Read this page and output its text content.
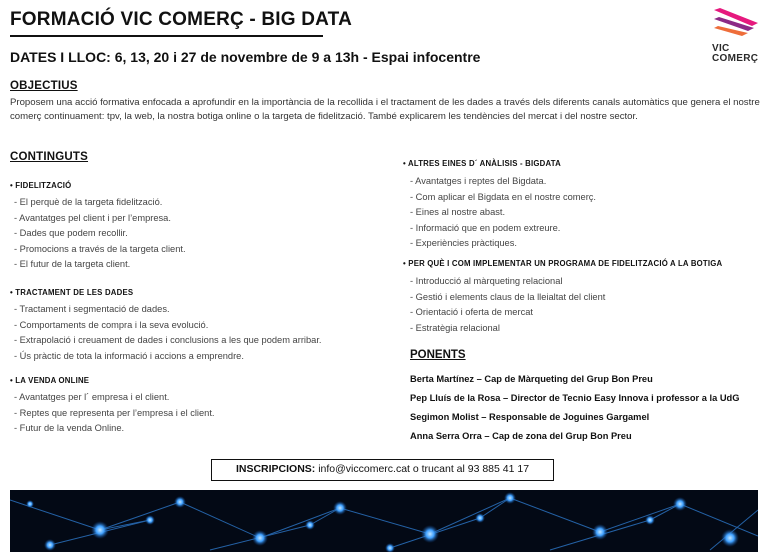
FORMACIÓ VIC COMERÇ - BIG DATA
VIC
COMERÇ
DATES I LLOC: 6, 13, 20 i 27 de novembre de 9 a 13h - Espai infocentre
OBJECTIUS
Proposem una acció formativa enfocada a aprofundir en la importància de la recollida i el tractament de les dades a través dels diferents canals automàtics que genera el nostre comerç continuament: tpv, la web, la nostra botiga online o la targeta de fidelització. També explicarem les tendències del mercat i del nostre sector.
CONTINGUTS
• FIDELITZACIÓ
- El perquè de la targeta fidelització.
- Avantatges pel client i per l’empresa.
- Dades que podem recollir.
- Promocions a través de la targeta client.
- El futur de la targeta client.
• TRACTAMENT DE LES DADES
- Tractament i segmentació de dades.
- Comportaments de compra i la seva evolució.
- Extrapolació i creuament de dades i conclusions a les que podem arribar.
- Ús pràctic de tota la informació i accions a emprendre.
• LA VENDA ONLINE
- Avantatges per l´ empresa i el client.
- Reptes que representa per l’empresa i el client.
- Futur de la venda Online.
• ALTRES EINES D´ ANÀLISIS - BIGDATA
- Avantatges i reptes del Bigdata.
- Com aplicar el Bigdata en el nostre comerç.
- Eines al nostre abast.
- Informació que en podem extreure.
- Experiències pràctiques.
• PER QUÈ I COM IMPLEMENTAR UN PROGRAMA DE FIDELITZACIÓ A LA BOTIGA
- Introducció al màrqueting relacional
- Gestió i elements claus de la lleialtat del client
- Orientació i oferta de mercat
- Estratègia relacional
PONENTS
Berta Martínez – Cap de Màrqueting del Grup Bon Preu
Pep Lluís de la Rosa – Director de Tecnio Easy Innova i professor a la UdG
Segimon Molist – Responsable de Joguines Gargamel
Anna Serra Orra – Cap de zona del Grup Bon Preu
INSCRIPCIONS: info@viccomerc.cat o trucant al 93 885 41 17
